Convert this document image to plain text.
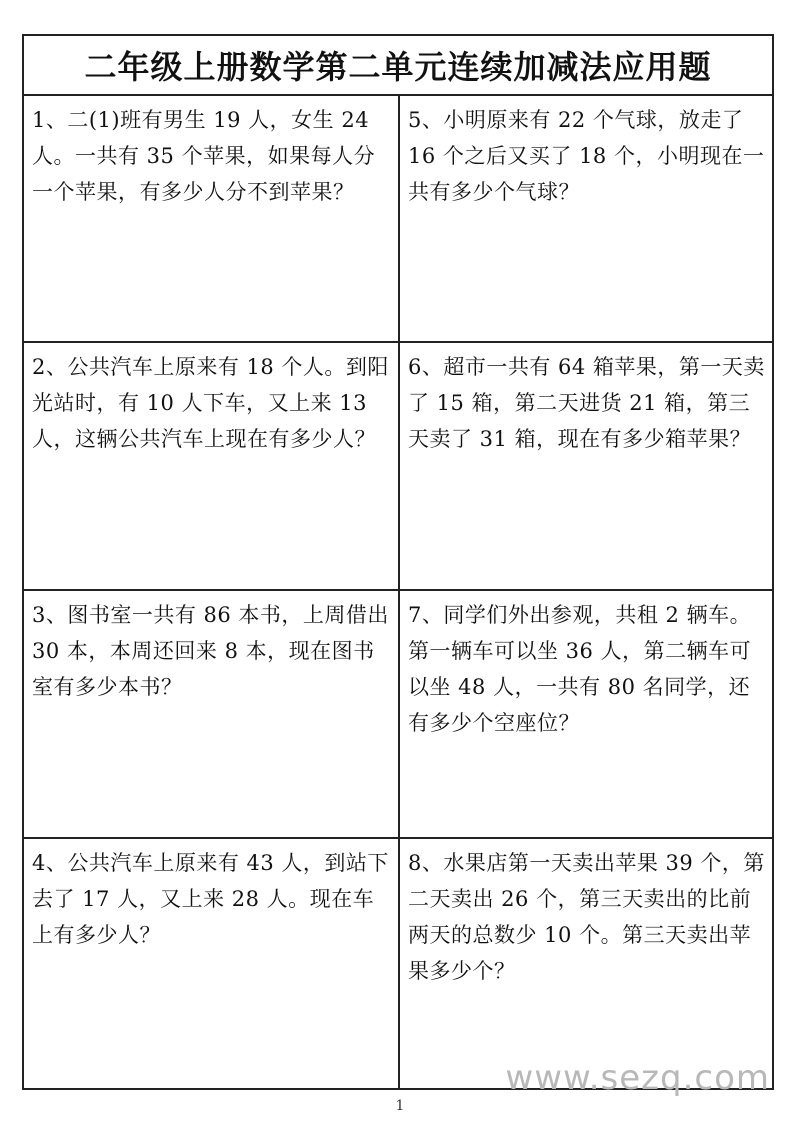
二年级上册数学第二单元连续加减法应用题
1、二(1)班有男生 19 人，女生 24 人。一共有 35 个苹果，如果每人分一个苹果，有多少人分不到苹果？
5、小明原来有 22 个气球，放走了 16 个之后又买了 18 个，小明现在一共有多少个气球？
2、公共汽车上原来有 18 个人。到阳光站时，有 10 人下车，又上来 13 人，这辆公共汽车上现在有多少人？
6、超市一共有 64 箱苹果，第一天卖了 15 箱，第二天进货 21 箱，第三天卖了 31 箱，现在有多少箱苹果？
3、图书室一共有 86 本书，上周借出 30 本，本周还回来 8 本，现在图书室有多少本书？
7、同学们外出参观，共租 2 辆车。第一辆车可以坐 36 人，第二辆车可以坐 48 人，一共有 80 名同学，还有多少个空座位？
4、公共汽车上原来有 43 人，到站下去了 17 人，又上来 28 人。现在车上有多少人？
8、水果店第一天卖出苹果 39 个，第二天卖出 26 个，第三天卖出的比前两天的总数少 10 个。第三天卖出苹果多少个？

www.sezq.com

1
